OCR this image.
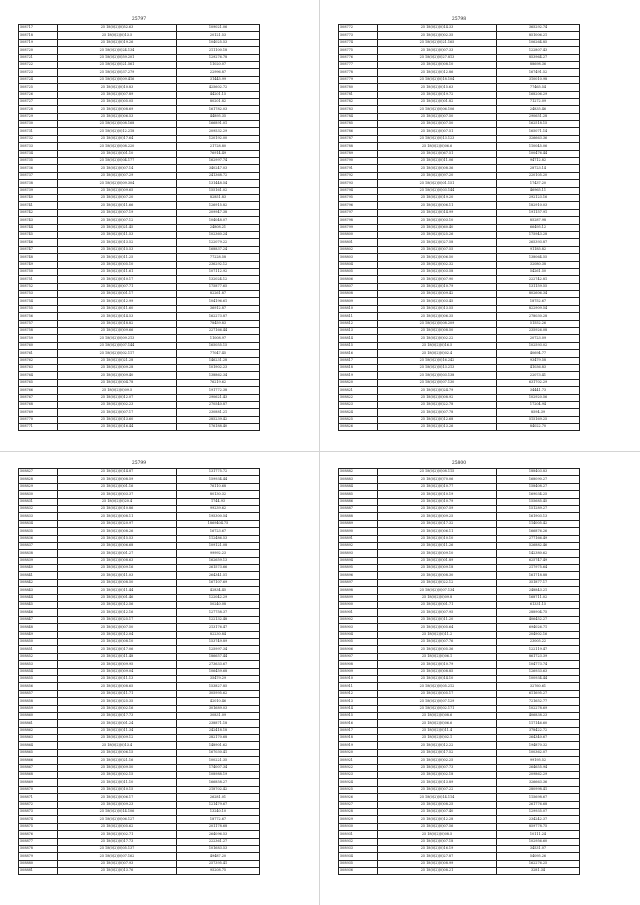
25797
508717	25 18(0(2)(0)52.63	109021.06
508718	25 18(0(2)(0)13.5	20121.53
508719	25 18(0(2)(0)19.26	104025.53
508720	25 18(0(2)(0)24.134	211100.18
508721	25 18(0(2)(0)59.201	129276.78
508722	25 18(0(2)(0)21.561	11020.07
508723	25 18(0(2)(0)37.279	22996.87
508724	25 18(0(2)(0)09.416	31445.99
508725	25 18(0(2)(0)10.83	425602.72
508726	25 18(0(2)(0)07.89	44201.15
508727	25 18(0(2)(0)05.05	80201.82
508728	25 18(0(2)(0)08.69	161782.03
508729	25 18(0(2)(0)06.53	44895.35
508730	25 18(0(2)(0)08.168	166891.01
508731	25 18(0(2)(0)12.218	209532.29
508732	25 18(0(2)(0)17.64	120192.00
508733	25 18(0(2)(0)08.220	21728.80
508734	25 18(0(2)(0)01.10	76914.49
508735	25 18(0(2)(0)04.177	162997.74
508736	25 18(0(2)(0)07.14	340247.03
508737	25 18(0(2)(0)07.29	241368.72
508738	25 18(0(2)(0)09.304	131448.54
508739	25 18(0(2)(0)09.65	155161.02
508740	25 18(0(2)(0)07.20	82851.83
508741	25 18(0(2)(0)11.66	126915.82
508742	25 18(0(2)(0)07.19	209947.38
508743	25 18(0(2)(0)07.12	104048.07
508744	25 18(0(2)(0)21.45	24808.21
508745	25 18(0(2)(0)11.53	102360.24
508746	25 18(0(2)(0)13.52	122079.22
508747	25 18(0(2)(0)15.53	168837.24
508748	25 18(0(2)(0)11.25	77228.58
508749	25 18(0(2)(0)05.10	236292.12
508750	25 18(0(2)(0)11.61	107112.92
508751	25 18(0(2)(0)10.17	132024.12
508752	25 18(0(2)(0)07.71	175877.65
508753	25 18(0(2)(0)01.17	82261.87
508754	25 18(0(2)(0)12.99	104196.61
508755	25 18(0(2)(0)11.60	36912.87
508756	25 18(0(2)(0)14.53	162273.87
508757	25 18(0(2)(0)18.82	78459.83
508758	25 18(0(2)(0)09.66	227166.44
508759	25 18(0(2)(0)09.213	11008.97
508760	25 18(0(2)(0)07.144	165055.15
508761	25 18(0(2)(0)02.117	77047.45
508762	25 18(0(2)(0)21.28	146231.28
508763	25 18(0(2)(0)09.28	101902.23
508764	25 18(0(2)(0)09.40	138862.34
508765	25 18(0(2)(0)04.78	76219.62
508766	25 18(0(2)(0)09.5	191772.38
508767	25 18(0(2)(0)12.07	290621.43
508768	25 18(0(2)(0)02.23	270540.87
508769	25 18(0(2)(0)07.17	230881.21
508770	25 18(0(2)(0)13.60	285239.42
508771	25 18(0(2)(0)16.44	176188.40
25798
508772	25 18(0(2)(0)14.33	365292.74
508773	25 18(0(2)(0)02.35	851006.21
508774	25 18(0(2)(0)21.165	106264.85
508775	25 18(0(2)(0)07.33	122807.43
508776	25 18(0(2)(0)27.813	853964.27
508777	25 18(0(2)(0)08.10	88698.36
508778	25 18(0(2)(0)12.86	167491.52
508779	25 18(0(2)(0)18.104	310010.98
508780	25 18(0(2)(0)15.63	77465.54
508781	25 18(0(2)(0)19.72	168206.29
508782	25 18(0(2)(0)01.82	71272.09
508783	25 18(0(2)(0)06.106	24835.46
508784	25 18(0(2)(0)07.50	290651.28
508785	25 18(0(2)(0)07.50	162518.15
508786	25 18(0(2)(0)07.51	165071.14
508787	25 18(0(2)(0)13.123	326663.36
508788	25 18(0(2)(0)06.6	110045.06
508789	25 18(0(2)(0)67.51	100476.44
508790	25 18(0(2)(0)11.06	94712.82
508791	25 18(0(2)(0)08.36	28723.14
508792	25 18(0(2)(0)97.20	220105.20
508793	25 18(0(2)(0)01.151	17437.20
508794	25 18(0(2)(0)03.144	46965.11
508795	25 18(0(2)(0)19.20	292123.16
508796	25 18(0(2)(0)06.11	182910.03
508797	25 18(0(2)(0)14.99	191157.91
508798	25 18(0(2)(0)03.10	85287.98
508799	25 18(0(2)(0)60.40	66495.12
508800	25 18(0(2)(0)25.26	175943.28
508801	25 18(0(2)(0)27.58	265393.87
508802	25 18(0(2)(0)07.55	91185.82
508803	25 18(0(2)(0)06.50	138064.55
508804	25 18(0(2)(0)02.32	32080.38
508805	25 18(0(2)(0)03.58	54261.50
508806	25 18(0(2)(0)07.90	222742.81
508807	25 18(0(2)(0)10.79	131159.55
508808	25 18(0(2)(0)09.42	802606.34
508809	25 18(0(2)(0)03.45	18752.67
508810	25 18(0(2)(0)13.55	822909.54
508811	25 18(0(2)(0)06.35	278030.28
508812	25 18(0(2)(0)08.209	51552.26
508813	25 18(0(2)(0)08.50	235926.08
508814	25 18(0(2)(0)02.22	20723.09
508815	25 18(0(2)(0)16.5	102593.02
508816	25 18(0(2)(0)02.4	40694.77
508817	25 18(0(2)(0)16.242	93479.58
508818	25 18(0(2)(0)13.213	41036.83
508819	25 18(0(2)(0)03.138	22073.41
508820	25 18(0(2)(0)07.130	631702.29
508821	25 18(0(2)(0)24.79	34441.73
508822	25 18(0(2)(0)08.92	102920.56
508823	25 18(0(2)(0)22.78	17204.94
508824	25 18(0(2)(0)07.78	8594.39
508825	25 18(0(2)(0)12.68	515169.25
508826	25 18(0(2)(0)13.26	84022.70
25799
508827	25 18(0(2)(0)14.87	131775.72
508828	25 18(0(2)(0)08.59	159934.44
508829	25 18(0(2)(0)01.16	76110.68
508830	25 18(0(2)(0)03.37	80130.32
508831	25 18(0(2)(0)20.4	1744.93
508832	25 18(0(2)(0)10.86	99239.62
508833	25 18(0(2)(0)08.11	195300.54
508834	25 18(0(2)(0)20.97	1869404.75
508835	25 18(0(2)(0)08.26	16723.67
508836	25 18(0(2)(0)15.53	112486.53
508837	25 18(0(2)(0)06.68	109121.08
508838	25 18(0(2)(0)01.27	99992.23
508839	25 18(0(2)(0)08.63	162659.13
508840	25 18(0(2)(0)09.16	261573.66
508841	25 18(0(2)(0)11.03	264341.51
508842	25 18(0(2)(0)08.50	167107.69
508843	25 18(0(2)(0)11.44	42834.45
508844	25 18(0(2)(0)01.46	122042.29
508845	25 18(0(2)(0)12.56	50240.08
508846	25 18(0(2)(0)12.16	127758.37
508847	25 18(0(2)(0)25.17	122132.48
508848	25 18(0(2)(0)07.50	213176.47
508849	25 18(0(2)(0)12.04	82230.84
508850	25 18(0(2)(0)08.10	153749.89
508851	25 18(0(2)(0)17.06	125997.34
508852	25 18(0(2)(0)11.48	186657.44
508853	25 18(0(2)(0)09.95	273633.67
508854	25 18(0(2)(0)09.04	106459.68
508855	25 18(0(2)(0)11.13	35479.29
508856	25 18(0(2)(0)08.65	153827.85
508857	25 18(0(2)(0)11.71	305995.62
508858	25 18(0(2)(0)25.35	42010.46
508859	25 18(0(2)(0)02.16	301689.03
508860	25 18(0(2)(0)17.73	30831.09
508861	25 18(0(2)(0)01.24	238871.18
508862	25 18(0(2)(0)11.34	242418.18
508863	25 18(0(2)(0)09.12	282170.68
508864	25 18(0(2)(0)13.4	148901.62
508865	25 18(0(2)(0)06.15	167030.41
508866	25 18(0(2)(0)21.16	100221.35
508867	25 18(0(2)(0)09.50	174007.34
508868	25 18(0(2)(0)02.15	108988.19
508869	25 18(0(2)(0)11.10	166858.27
508870	25 18(0(2)(0)10.15	218702.42
508871	25 18(0(2)(0)06.17	26281.01
508872	25 18(0(2)(0)09.23	121479.67
508873	25 18(0(2)(0)14.106	13240.10
508874	25 18(0(2)(0)06.127	18772.67
508875	25 18(0(2)(0)05.62	201178.68
508876	25 18(0(2)(0)02.71	264096.53
508877	25 18(0(2)(0)17.73	222361.27
508878	25 18(0(2)(0)05.137	101683.53
508879	25 18(0(2)(0)07.162	49487.20
508880	25 18(0(2)(0)07.93	257395.41
508881	25 18(0(2)(0)13.76	95208.75
25800
508882	25 18(0(2)(0)08.115	188403.83
508883	25 18(0(2)(0)70.06	168090.27
508884	25 18(0(2)(0)10.77	158408.27
508885	25 18(0(2)(0)10.19	169034.25
508886	25 18(0(2)(0)10.79	155685.45
508887	25 18(0(2)(0)07.59	151289.27
508888	25 18(0(2)(0)09.25	161903.13
508889	25 18(0(2)(0)17.32	114005.42
508890	25 18(0(2)(0)06.11	166876.26
508891	25 18(0(2)(0)10.10	277166.49
508892	25 18(0(2)(0)11.26	526882.46
508893	25 18(0(2)(0)09.10	142380.62
508894	25 18(0(2)(0)01.89	625747.49
508895	25 18(0(2)(0)09.18	217975.64
508896	25 18(0(2)(0)08.30	161718.88
508897	25 18(0(2)(0)22.12	351877.17
508898	25 18(0(2)(0)07.134	248843.21
508899	25 18(0(2)(0)09.8	168711.02
508900	25 18(0(2)(0)01.71	61331.15
508901	25 18(0(2)(0)07.95	288904.75
508902	25 18(0(2)(0)11.20	406452.27
508903	25 18(0(2)(0)05.64	694026.71
508904	25 18(0(2)(0)11.2	204902.16
508905	25 18(0(2)(0)07.76	23005.22
508906	25 18(0(2)(0)05.36	122119.47
508907	25 18(0(2)(0)06.1	861723.39
508908	25 18(0(2)(0)10.79	104773.74
508909	25 18(0(2)(0)08.85	126933.63
508910	25 18(0(2)(0)14.10	100934.44
508911	25 18(0(2)(0)05.212	32760.61
508912	25 18(0(2)(0)05.17	611695.27
508913	25 18(0(2)(0)07.129	721652.77
508914	25 18(0(2)(0)02.171	102278.69
508915	25 18(0(2)(0)08.6	406838.23
508916	25 18(0(2)(0)06.6	117146.60
508917	25 18(0(2)(0)11.4	378422.72
508918	25 18(0(2)(0)02.1	264340.67
508919	25 18(0(2)(0)12.22	194870.32
508920	25 18(0(2)(0)17.52	100362.07
508921	25 18(0(2)(0)02.25	99195.52
508922	25 18(0(2)(0)07.73	264655.94
508923	25 18(0(2)(0)02.18	209862.29
508924	25 18(0(2)(0)13.89	326663.36
508925	25 18(0(2)(0)07.22	280998.41
508926	25 18(0(2)(0)14.114	115698.67
508927	25 18(0(2)(0)08.25	261776.68
508928	25 18(0(2)(0)07.40	129935.07
508929	25 18(0(2)(0)12.28	234242.37
508930	25 18(0(2)(0)07.56	859778.75
508931	25 18(0(2)(0)08.5	10111.24
508932	25 18(0(2)(0)07.18	102956.60
508933	25 18(0(2)(0)16.19	34531.07
508934	25 18(0(2)(0)27.87	54095.26
508935	25 18(0(2)(0)08.99	162276.25
508936	25 18(0(2)(0)08.21	3281.34
